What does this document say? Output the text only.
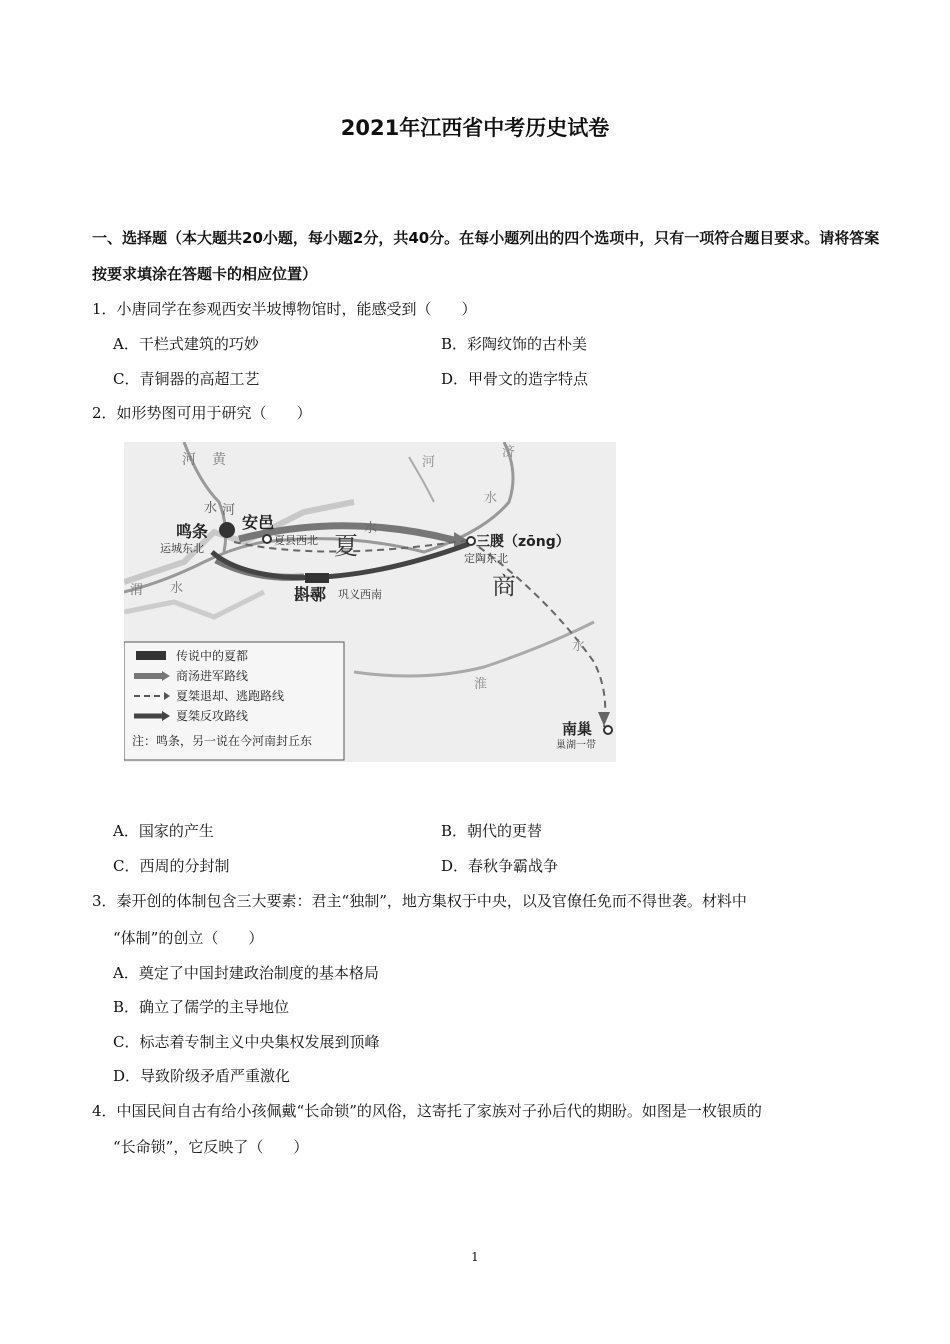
2021年江西省中考历史试卷
一、选择题（本大题共20小题，每小题2分，共40分。在每小题列出的四个选项中，只有一项符合题目要求。请将答案按要求填涂在答题卡的相应位置）
1．小唐同学在参观西安半坡博物馆时，能感受到（　　）
A．干栏式建筑的巧妙	B．彩陶纹饰的古朴美
C．青铜器的高超工艺	D．甲骨文的造字特点
2．如形势图可用于研究（　　）
河 黄
水 河
济
河
水
鸣条
运城东北
安邑
夏县西北 夏
水
三朡（zōng）
定陶东北
渭 水	斟鄩 巩义西南	商
水
淮
南巢
巢湖一带
传说中的夏都
商汤进军路线
夏桀退却、逃跑路线
夏桀反攻路线
注：鸣条，另一说在今河南封丘东
A．国家的产生	B．朝代的更替
C．西周的分封制	D．春秋争霸战争
3．秦开创的体制包含三大要素：君主“独制”，地方集权于中央，以及官僚任免而不得世袭。材料中
“体制”的创立（　　）
A．奠定了中国封建政治制度的基本格局
B．确立了儒学的主导地位
C．标志着专制主义中央集权发展到顶峰
D．导致阶级矛盾严重激化
4．中国民间自古有给小孩佩戴“长命锁”的风俗，这寄托了家族对子孙后代的期盼。如图是一枚银质的
“长命锁”，它反映了（　　）
1
